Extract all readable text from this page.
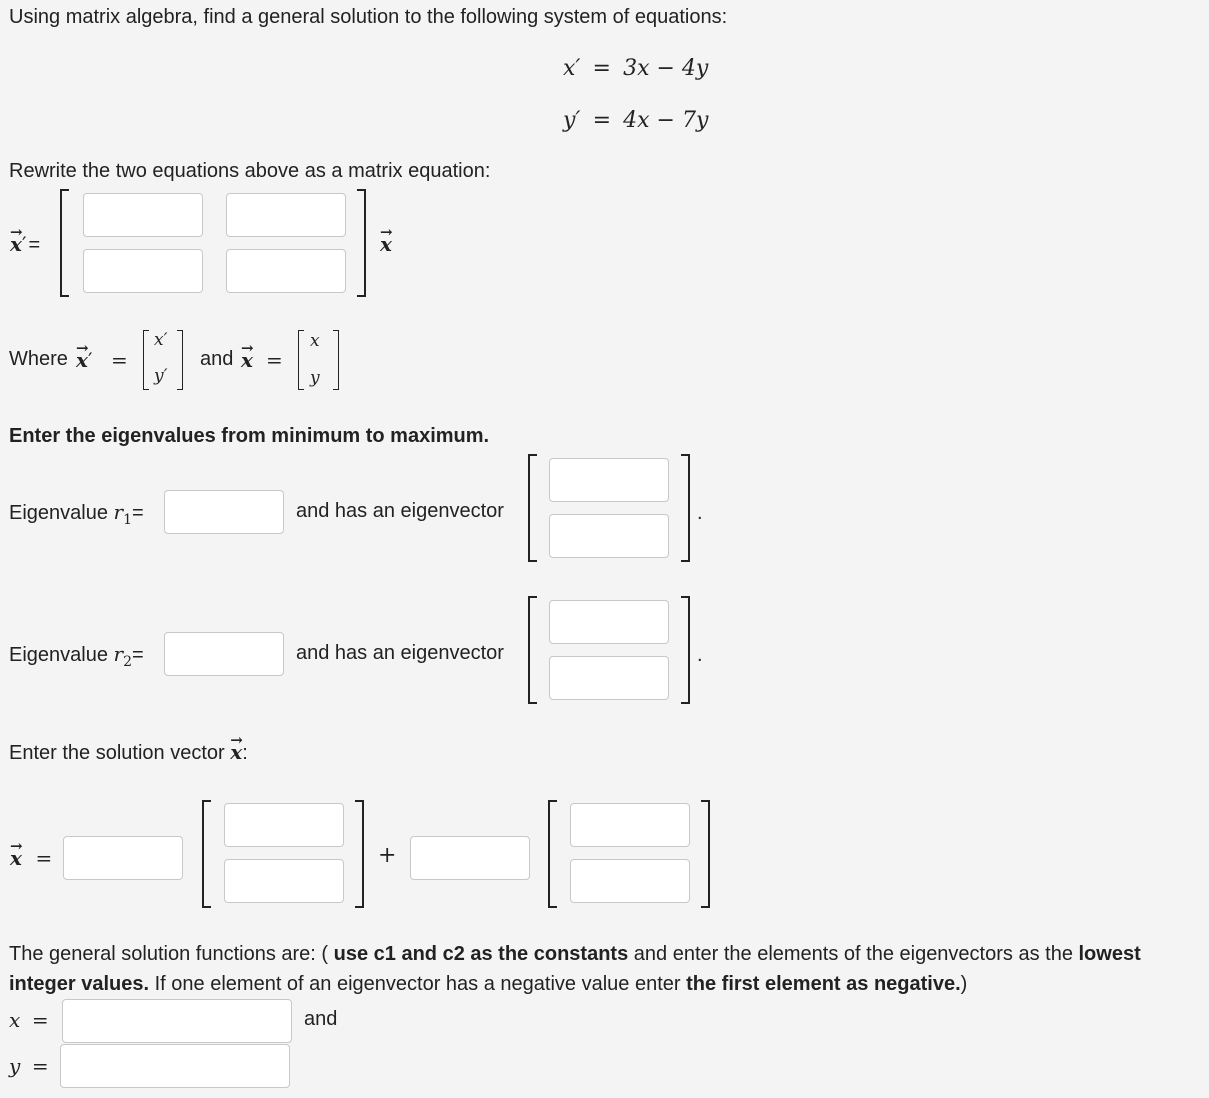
Using matrix algebra, find a general solution to the following system of equations:
x′ = 3x − 4y
y′ = 4x − 7y
Rewrite the two equations above as a matrix equation:
→ x′ =	→ x
Where → x′ =
x′
y′
and → x =
x
y
Enter the eigenvalues from minimum to maximum.
Eigenvalue $r_1=$	and has an eigenvector	.
Eigenvalue $r_2=$	and has an eigenvector	.
Enter the solution vector → x:
→ x =	+
The general solution functions are: ( use c1 and c2 as the constants and enter the elements of the eigenvectors as the lowest integer values. If one element of an eigenvector has a negative value enter the first element as negative.)
x =	and
y =
